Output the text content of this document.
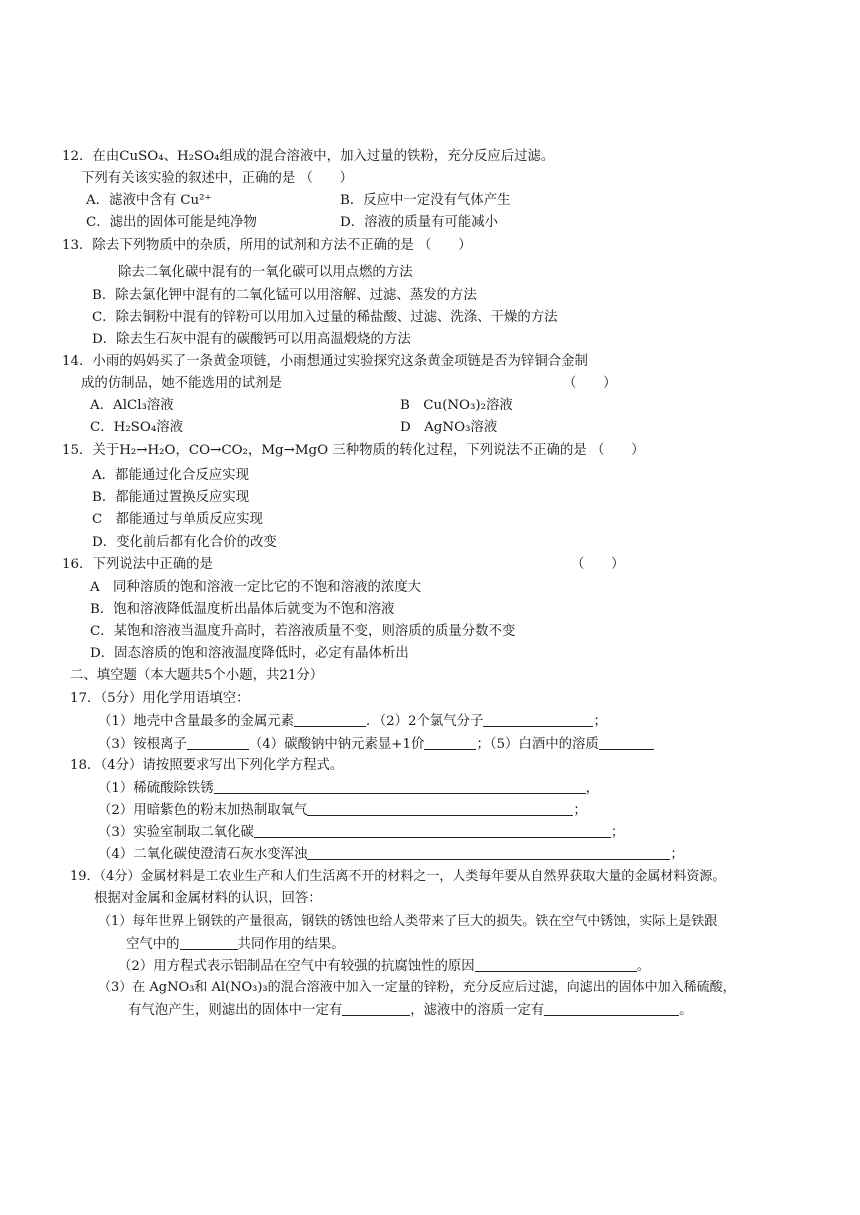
12．在由CuSO₄、H₂SO₄组成的混合溶液中，加入过量的铁粉，充分反应后过滤。
下列有关该实验的叙述中，正确的是 （　　）
A．滤液中含有 Cu²⁺	B．反应中一定没有气体产生
C．滤出的固体可能是纯净物	D．溶液的质量有可能减小
13．除去下列物质中的杂质，所用的试剂和方法不正确的是 （　　）
除去二氧化碳中混有的一氧化碳可以用点燃的方法
B．除去氯化钾中混有的二氧化锰可以用溶解、过滤、蒸发的方法
C．除去铜粉中混有的锌粉可以用加入过量的稀盐酸、过滤、洗涤、干燥的方法
D．除去生石灰中混有的碳酸钙可以用高温煅烧的方法
14．小雨的妈妈买了一条黄金项链，小雨想通过实验探究这条黄金项链是否为锌铜合金制
成的仿制品，她不能选用的试剂是	（　　）
A．AlCl₃溶液	B　Cu(NO₃)₂溶液
C．H₂SO₄溶液	D　AgNO₃溶液
15．关于H₂→H₂O，CO→CO₂，Mg→MgO 三种物质的转化过程，下列说法不正确的是 （　　）
A．都能通过化合反应实现
B．都能通过置换反应实现
C　都能通过与单质反应实现
D．变化前后都有化合价的改变
16．下列说法中正确的是	（　　）
A　同种溶质的饱和溶液一定比它的不饱和溶液的浓度大
B．饱和溶液降低温度析出晶体后就变为不饱和溶液
C．某饱和溶液当温度升高时，若溶液质量不变，则溶质的质量分数不变
D．固态溶质的饱和溶液温度降低时，必定有晶体析出
二、填空题（本大题共5个小题，共21分）
17．（5分）用化学用语填空：
（1）地壳中含量最多的金属元素	．（2）2个氯气分子	；
（3）铵根离子	（4）碳酸钠中钠元素显+1价	；（5）白酒中的溶质
18．（4分）请按照要求写出下列化学方程式。
（1）稀硫酸除铁锈	，
（2）用暗紫色的粉末加热制取氧气	；
（3）实验室制取二氧化碳	；
（4）二氧化碳使澄清石灰水变浑浊	；
19．（4分）金属材料是工农业生产和人们生活离不开的材料之一，人类每年要从自然界获取大量的金属材料资源。
根据对金属和金属材料的认识，回答：
（1）每年世界上钢铁的产量很高，钢铁的锈蚀也给人类带来了巨大的损失。铁在空气中锈蚀，实际上是铁跟
空气中的	共同作用的结果。
（2）用方程式表示铝制品在空气中有较强的抗腐蚀性的原因	。
（3）在 AgNO₃和 Al(NO₃)₃的混合溶液中加入一定量的锌粉，充分反应后过滤，向滤出的固体中加入稀硫酸，
有气泡产生，则滤出的固体中一定有	，滤液中的溶质一定有	。
